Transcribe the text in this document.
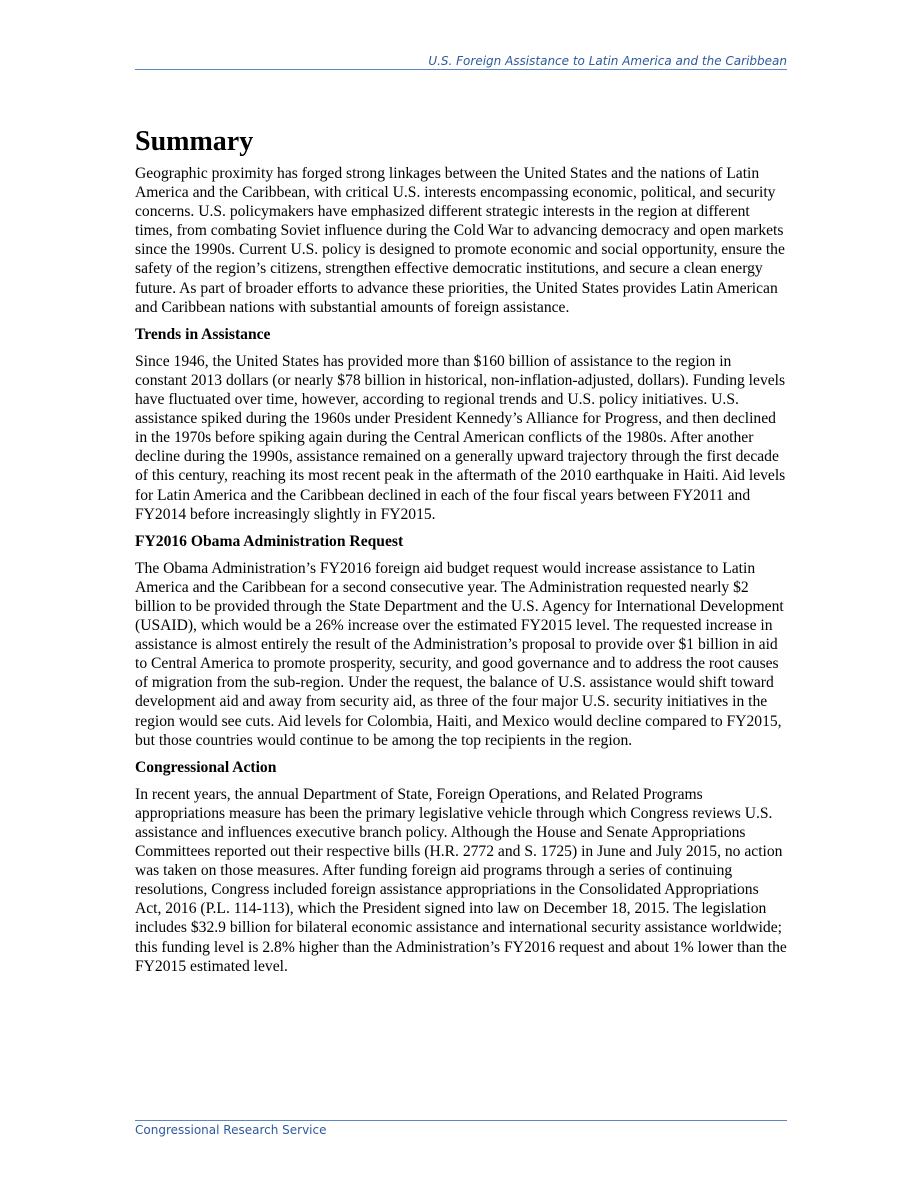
U.S. Foreign Assistance to Latin America and the Caribbean
Summary

Geographic proximity has forged strong linkages between the United States and the nations of Latin America and the Caribbean, with critical U.S. interests encompassing economic, political, and security concerns. U.S. policymakers have emphasized different strategic interests in the region at different times, from combating Soviet influence during the Cold War to advancing democracy and open markets since the 1990s. Current U.S. policy is designed to promote economic and social opportunity, ensure the safety of the region’s citizens, strengthen effective democratic institutions, and secure a clean energy future. As part of broader efforts to advance these priorities, the United States provides Latin American and Caribbean nations with substantial amounts of foreign assistance.

Trends in Assistance

Since 1946, the United States has provided more than $160 billion of assistance to the region in constant 2013 dollars (or nearly $78 billion in historical, non-inflation-adjusted, dollars). Funding levels have fluctuated over time, however, according to regional trends and U.S. policy initiatives. U.S. assistance spiked during the 1960s under President Kennedy’s Alliance for Progress, and then declined in the 1970s before spiking again during the Central American conflicts of the 1980s. After another decline during the 1990s, assistance remained on a generally upward trajectory through the first decade of this century, reaching its most recent peak in the aftermath of the 2010 earthquake in Haiti. Aid levels for Latin America and the Caribbean declined in each of the four fiscal years between FY2011 and FY2014 before increasingly slightly in FY2015.

FY2016 Obama Administration Request

The Obama Administration’s FY2016 foreign aid budget request would increase assistance to Latin America and the Caribbean for a second consecutive year. The Administration requested nearly $2 billion to be provided through the State Department and the U.S. Agency for International Development (USAID), which would be a 26% increase over the estimated FY2015 level. The requested increase in assistance is almost entirely the result of the Administration’s proposal to provide over $1 billion in aid to Central America to promote prosperity, security, and good governance and to address the root causes of migration from the sub-region. Under the request, the balance of U.S. assistance would shift toward development aid and away from security aid, as three of the four major U.S. security initiatives in the region would see cuts. Aid levels for Colombia, Haiti, and Mexico would decline compared to FY2015, but those countries would continue to be among the top recipients in the region.

Congressional Action

In recent years, the annual Department of State, Foreign Operations, and Related Programs appropriations measure has been the primary legislative vehicle through which Congress reviews U.S. assistance and influences executive branch policy. Although the House and Senate Appropriations Committees reported out their respective bills (H.R. 2772 and S. 1725) in June and July 2015, no action was taken on those measures. After funding foreign aid programs through a series of continuing resolutions, Congress included foreign assistance appropriations in the Consolidated Appropriations Act, 2016 (P.L. 114-113), which the President signed into law on December 18, 2015. The legislation includes $32.9 billion for bilateral economic assistance and international security assistance worldwide; this funding level is 2.8% higher than the Administration’s FY2016 request and about 1% lower than the FY2015 estimated level.

Congressional Research Service
